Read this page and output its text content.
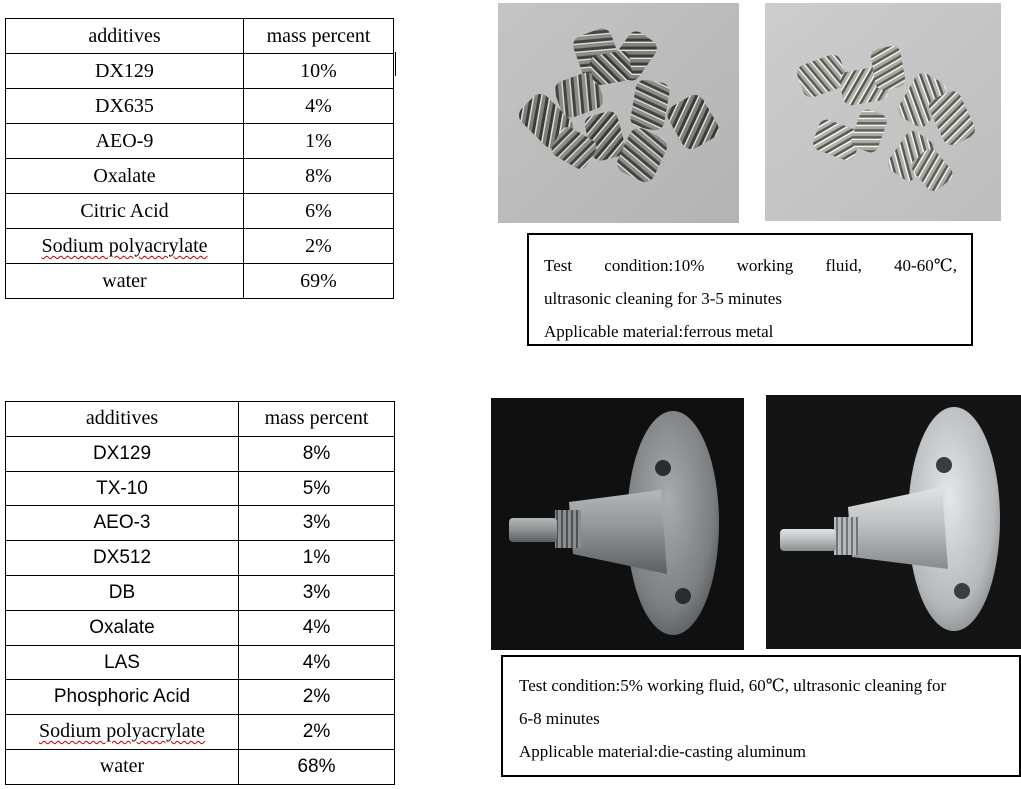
additives	mass percent
DX129	10%
DX635	4%
AEO-9	1%
Oxalate	8%
Citric Acid	6%
Sodium polyacrylate	2%
water	69%

Test condition:10% working fluid, 40-60℃,

ultrasonic cleaning for 3-5 minutes

Applicable material:ferrous metal

additives	mass percent
DX129	8%
TX-10	5%
AEO-3	3%
DX512	1%
DB	3%
Oxalate	4%
LAS	4%
Phosphoric Acid	2%
Sodium polyacrylate	2%
water	68%

Test condition:5% working fluid, 60℃, ultrasonic cleaning for

6-8 minutes

Applicable material:die-casting aluminum
